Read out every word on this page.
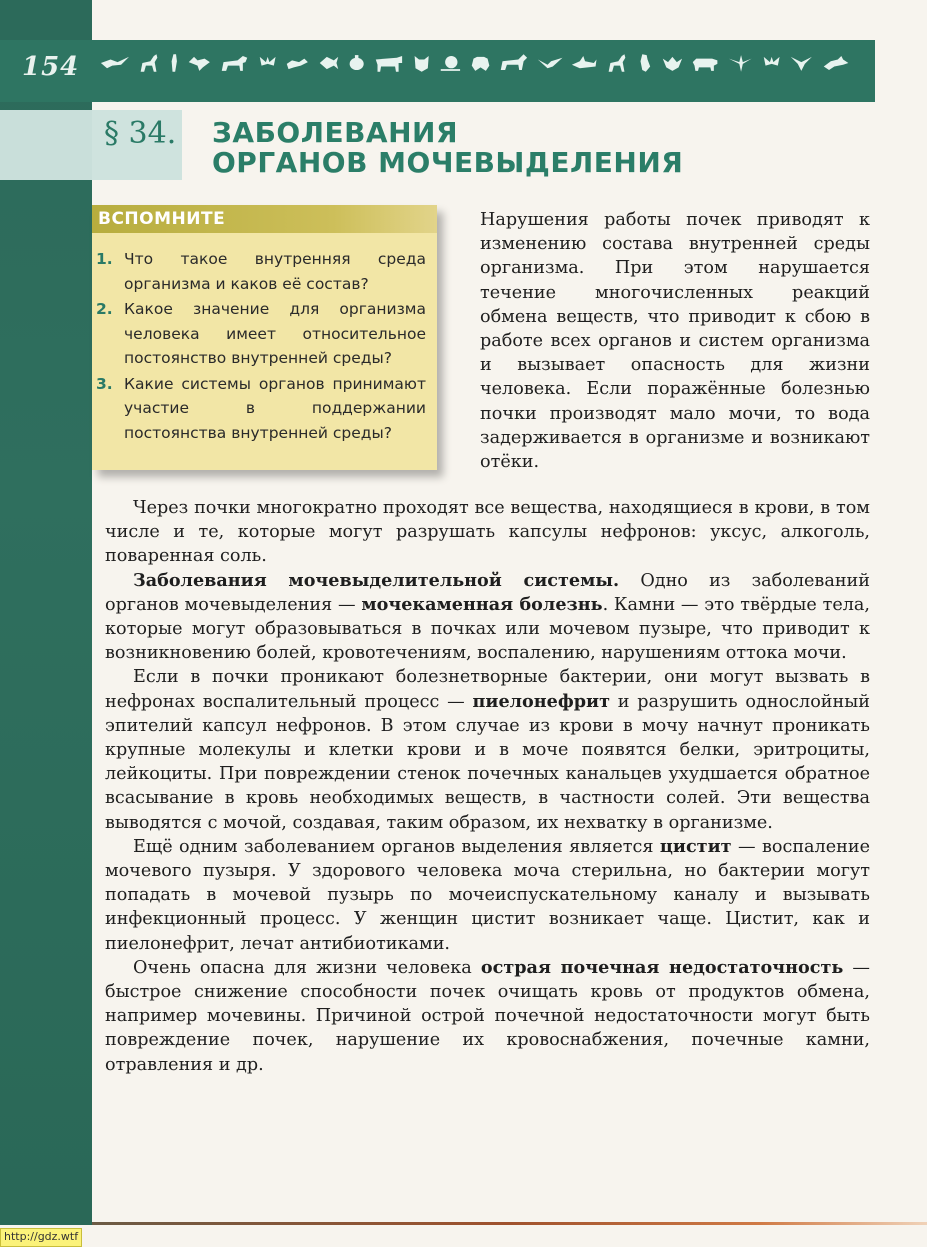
154
§ 34. ЗАБОЛЕВАНИЯ
ОРГАНОВ МОЧЕВЫДЕЛЕНИЯ
ВСПОМНИТЕ
1. Что такое внутренняя среда организма и каков её состав?
2. Какое значение для организма человека имеет относительное постоянство внутренней среды?
3. Какие системы органов принимают участие в поддержании постоянства внутренней среды?

Нарушения работы почек приводят к изменению состава внутренней среды организма. При этом нарушается течение многочисленных реакций обмена веществ, что приводит к сбою в работе всех органов и систем организма и вызывает опасность для жизни человека. Если поражённые болезнью почки производят мало мочи, то вода задерживается в организме и возникают отёки.

Через почки многократно проходят все вещества, находящиеся в крови, в том числе и те, которые могут разрушать капсулы нефронов: уксус, алкоголь, поваренная соль.

Заболевания мочевыделительной системы. Одно из заболеваний органов мочевыделения — мочекаменная болезнь. Камни — это твёрдые тела, которые могут образовываться в почках или мочевом пузыре, что приводит к возникновению болей, кровотечениям, воспалению, нарушениям оттока мочи.

Если в почки проникают болезнетворные бактерии, они могут вызвать в нефронах воспалительный процесс — пиелонефрит и разрушить однослойный эпителий капсул нефронов. В этом случае из крови в мочу начнут проникать крупные молекулы и клетки крови и в моче появятся белки, эритроциты, лейкоциты. При повреждении стенок почечных канальцев ухудшается обратное всасывание в кровь необходимых веществ, в частности солей. Эти вещества выводятся с мочой, создавая, таким образом, их нехватку в организме.

Ещё одним заболеванием органов выделения является цистит — воспаление мочевого пузыря. У здорового человека моча стерильна, но бактерии могут попадать в мочевой пузырь по мочеиспускательному каналу и вызывать инфекционный процесс. У женщин цистит возникает чаще. Цистит, как и пиелонефрит, лечат антибиотиками.

Очень опасна для жизни человека острая почечная недостаточность — быстрое снижение способности почек очищать кровь от продуктов обмена, например мочевины. Причиной острой почечной недостаточности могут быть повреждение почек, нарушение их кровоснабжения, почечные камни, отравления и др.

http://gdz.wtf
